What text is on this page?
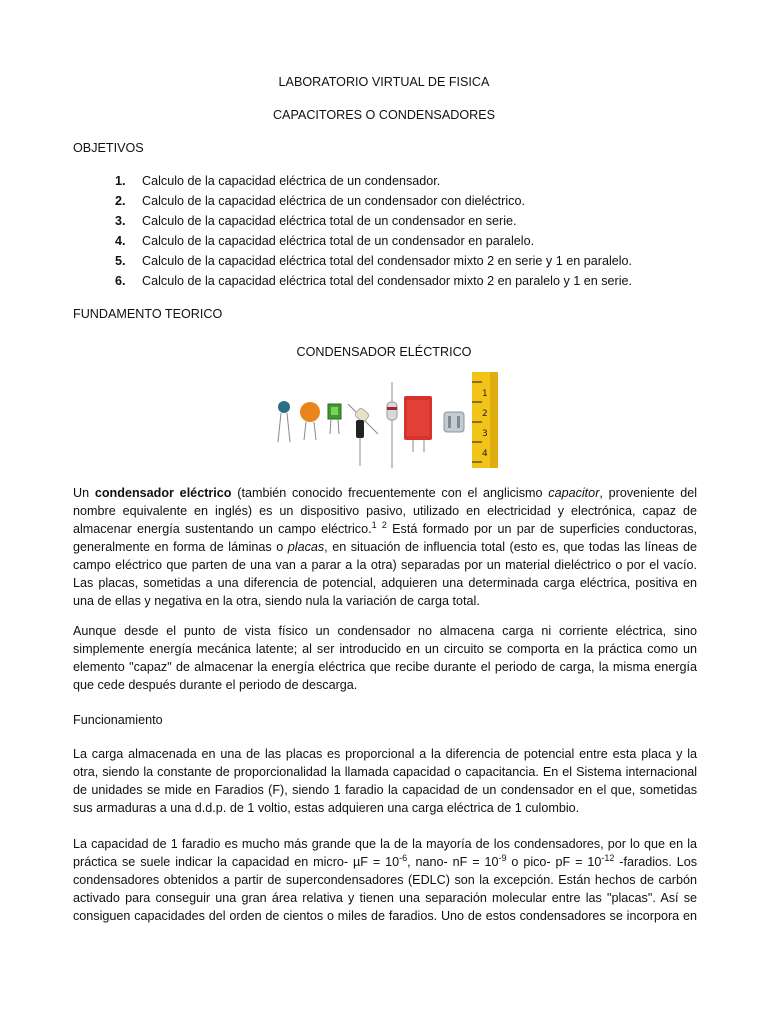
LABORATORIO VIRTUAL DE FISICA
CAPACITORES O CONDENSADORES
OBJETIVOS
1.	Calculo de la capacidad eléctrica de un condensador.
2.	Calculo de la capacidad eléctrica de un condensador con dieléctrico.
3.	Calculo de la capacidad eléctrica total de un condensador en serie.
4.	Calculo de la capacidad eléctrica total de un condensador en paralelo.
5.	Calculo de la capacidad eléctrica total del condensador mixto 2 en serie y 1 en paralelo.
6.	Calculo de la capacidad eléctrica total del condensador mixto 2 en paralelo y 1 en serie.
FUNDAMENTO TEORICO
CONDENSADOR ELÉCTRICO
1
2
3
4

Un condensador eléctrico (también conocido frecuentemente con el anglicismo capacitor, proveniente del nombre equivalente en inglés) es un dispositivo pasivo, utilizado en electricidad y electrónica, capaz de almacenar energía sustentando un campo eléctrico.$^1$ $^2$ Está formado por un par de superficies conductoras, generalmente en forma de láminas o placas, en situación de influencia total (esto es, que todas las líneas de campo eléctrico que parten de una van a parar a la otra) separadas por un material dieléctrico o por el vacío. Las placas, sometidas a una diferencia de potencial, adquieren una determinada carga eléctrica, positiva en una de ellas y negativa en la otra, siendo nula la variación de carga total.

Aunque desde el punto de vista físico un condensador no almacena carga ni corriente eléctrica, sino simplemente energía mecánica latente; al ser introducido en un circuito se comporta en la práctica como un elemento "capaz" de almacenar la energía eléctrica que recibe durante el periodo de carga, la misma energía que cede después durante el periodo de descarga.

Funcionamiento

La carga almacenada en una de las placas es proporcional a la diferencia de potencial entre esta placa y la otra, siendo la constante de proporcionalidad la llamada capacidad o capacitancia. En el Sistema internacional de unidades se mide en Faradios (F), siendo 1 faradio la capacidad de un condensador en el que, sometidas sus armaduras a una d.d.p. de 1 voltio, estas adquieren una carga eléctrica de 1 culombio.

La capacidad de 1 faradio es mucho más grande que la de la mayoría de los condensadores, por lo que en la práctica se suele indicar la capacidad en micro- $\mu F = 10^{-6}$, nano- nF = $10^{-9}$ o pico- pF = $10^{-12}$ -faradios. Los condensadores obtenidos a partir de supercondensadores (EDLC) son la excepción. Están hechos de carbón activado para conseguir una gran área relativa y tienen una separación molecular entre las "placas". Así se consiguen capacidades del orden de cientos o miles de faradios. Uno de estos condensadores se incorpora en
